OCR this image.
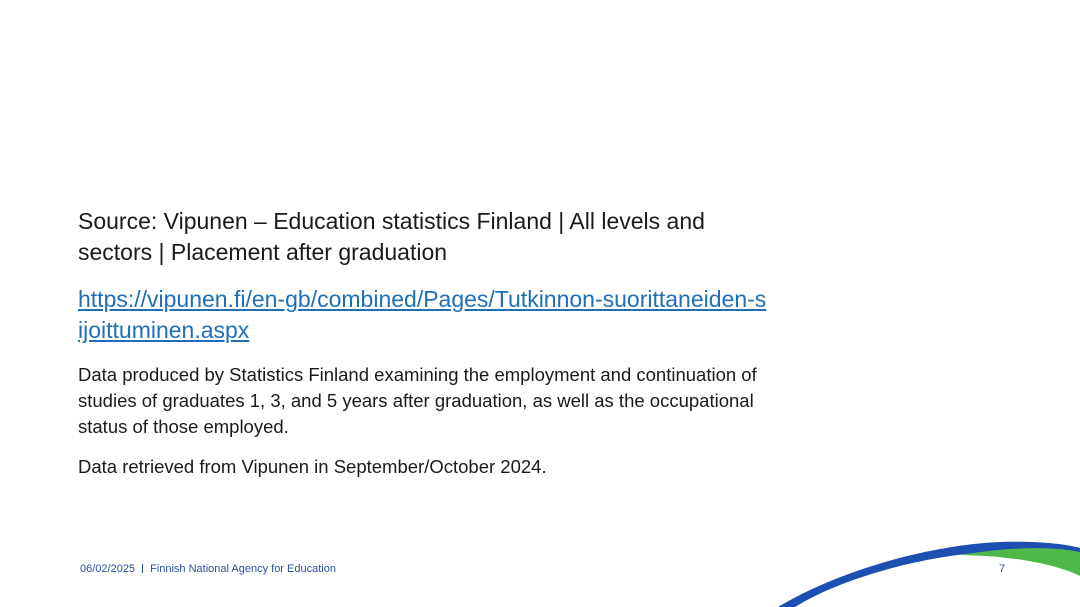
Source: Vipunen – Education statistics Finland | All levels and sectors | Placement after graduation

https://vipunen.fi/en-gb/combined/Pages/Tutkinnon-suorittaneiden-sijoittuminen.aspx

Data produced by Statistics Finland examining the employment and continuation of studies of graduates 1, 3, and 5 years after graduation, as well as the occupational status of those employed.

Data retrieved from Vipunen in September/October 2024.

06/02/2025 Finnish National Agency for Education	7
